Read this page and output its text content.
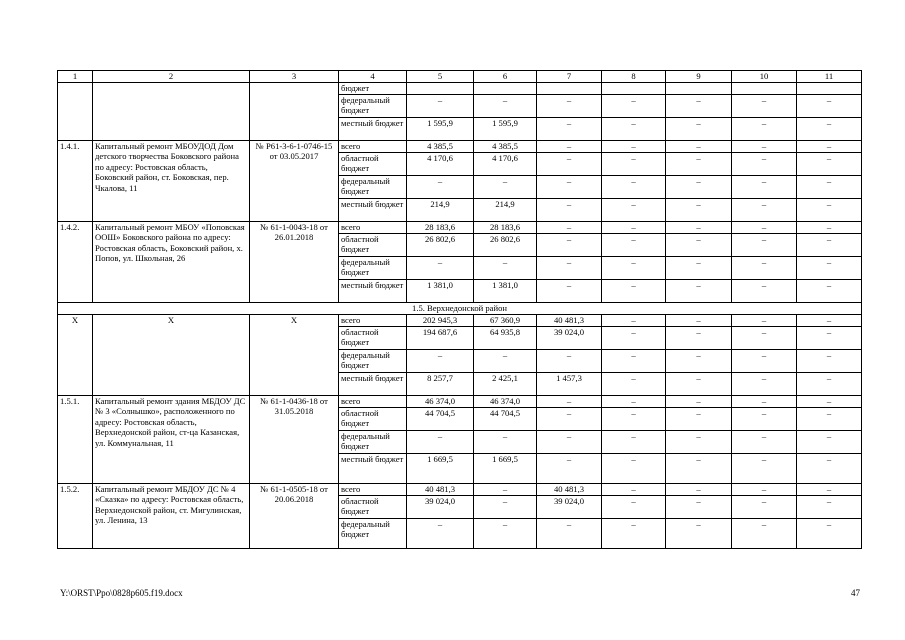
1	2	3	4	5	6	7	8	9	10	11
			бюджет							
			федеральный бюджет	–	–	–	–	–	–	–
			местный бюджет	1 595,9	1 595,9	–	–	–	–	–
1.4.1.	Капитальный ремонт МБОУДОД Дом детского творчества Боковского района по адресу: Ростовская область, Боковский район, ст. Боковская, пер. Чкалова, 11	№ Р61-3-6-1-0746-15 от 03.05.2017	всего	4 385,5	4 385,5	–	–	–	–	–
			областной бюджет	4 170,6	4 170,6	–	–	–	–	–
			федеральный бюджет	–	–	–	–	–	–	–
			местный бюджет	214,9	214,9	–	–	–	–	–
1.4.2.	Капитальный ремонт МБОУ «Поповская ООШ» Боковского района по адресу: Ростовская область, Боковский район, х. Попов, ул. Школьная, 26	№ 61-1-0043-18 от 26.01.2018	всего	28 183,6	28 183,6	–	–	–	–	–
			областной бюджет	26 802,6	26 802,6	–	–	–	–	–
			федеральный бюджет	–	–	–	–	–	–	–
			местный бюджет	1 381,0	1 381,0	–	–	–	–	–
1.5. Верхнедонской район										
Х	Х	Х	всего	202 945,3	67 360,9	40 481,3	–	–	–	–
			областной бюджет	194 687,6	64 935,8	39 024,0	–	–	–	–
			федеральный бюджет	–	–	–	–	–	–	–
			местный бюджет	8 257,7	2 425,1	1 457,3	–	–	–	–
1.5.1.	Капитальный ремонт здания МБДОУ ДС № 3 «Солнышко», расположенного по адресу: Ростовская область, Верхнедонской район, ст-ца Казанская, ул. Коммунальная, 11	№ 61-1-0436-18 от 31.05.2018	всего	46 374,0	46 374,0	–	–	–	–	–
			областной бюджет	44 704,5	44 704,5	–	–	–	–	–
			федеральный бюджет	–	–	–	–	–	–	–
			местный бюджет	1 669,5	1 669,5	–	–	–	–	–
1.5.2.	Капитальный ремонт МБДОУ ДС № 4 «Сказка» по адресу: Ростовская область, Верхнедонской район, ст. Мигулинская, ул. Ленина, 13	№ 61-1-0505-18 от 20.06.2018	всего	40 481,3	–	40 481,3	–	–	–	–
			областной бюджет	39 024,0	–	39 024,0	–	–	–	–
			федеральный бюджет	–	–	–	–	–	–	–
Y:\ORST\Ppo\0828p605.f19.docx	47
